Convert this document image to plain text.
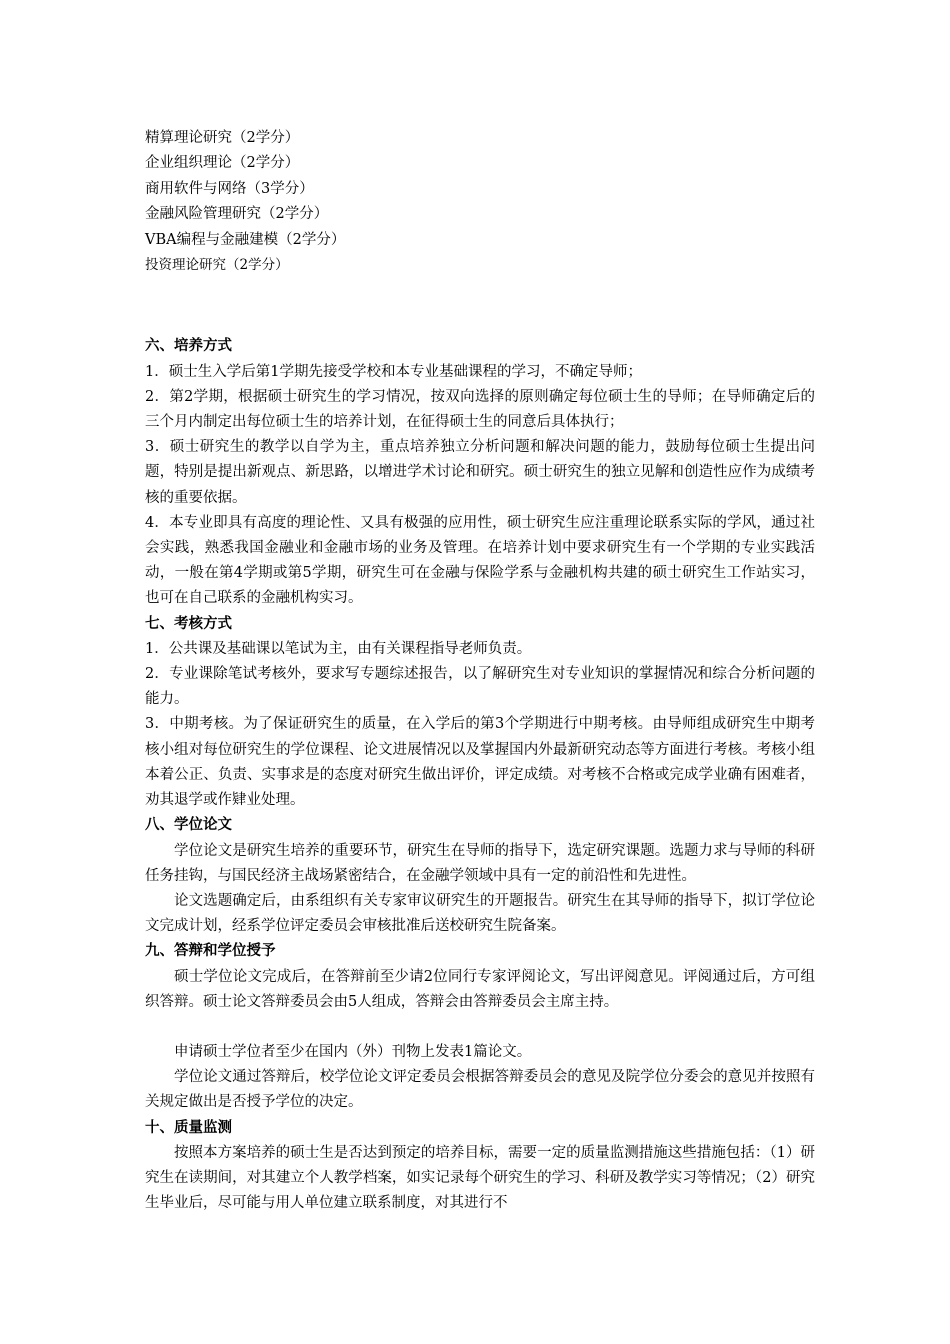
精算理论研究（2学分）
企业组织理论（2学分）
商用软件与网络（3学分）
金融风险管理研究（2学分）
VBA编程与金融建模（2学分）
投资理论研究（2学分）
六、培养方式

1．硕士生入学后第1学期先接受学校和本专业基础课程的学习，不确定导师；

2．第2学期，根据硕士研究生的学习情况，按双向选择的原则确定每位硕士生的导师；在导师确定后的三个月内制定出每位硕士生的培养计划，在征得硕士生的同意后具体执行；

3．硕士研究生的教学以自学为主，重点培养独立分析问题和解决问题的能力，鼓励每位硕士生提出问题，特别是提出新观点、新思路，以增进学术讨论和研究。硕士研究生的独立见解和创造性应作为成绩考核的重要依据。

4．本专业即具有高度的理论性、又具有极强的应用性，硕士研究生应注重理论联系实际的学风，通过社会实践，熟悉我国金融业和金融市场的业务及管理。在培养计划中要求研究生有一个学期的专业实践活动，一般在第4学期或第5学期，研究生可在金融与保险学系与金融机构共建的硕士研究生工作站实习，也可在自己联系的金融机构实习。

七、考核方式

1．公共课及基础课以笔试为主，由有关课程指导老师负责。

2．专业课除笔试考核外，要求写专题综述报告，以了解研究生对专业知识的掌握情况和综合分析问题的能力。

3．中期考核。为了保证研究生的质量，在入学后的第3个学期进行中期考核。由导师组成研究生中期考核小组对每位研究生的学位课程、论文进展情况以及掌握国内外最新研究动态等方面进行考核。考核小组本着公正、负责、实事求是的态度对研究生做出评价，评定成绩。对考核不合格或完成学业确有困难者，劝其退学或作肄业处理。

八、学位论文

学位论文是研究生培养的重要环节，研究生在导师的指导下，选定研究课题。选题力求与导师的科研任务挂钩，与国民经济主战场紧密结合，在金融学领域中具有一定的前沿性和先进性。

论文选题确定后，由系组织有关专家审议研究生的开题报告。研究生在其导师的指导下，拟订学位论文完成计划，经系学位评定委员会审核批准后送校研究生院备案。

九、答辩和学位授予

硕士学位论文完成后，在答辩前至少请2位同行专家评阅论文，写出评阅意见。评阅通过后，方可组织答辩。硕士论文答辩委员会由5人组成，答辩会由答辩委员会主席主持。

申请硕士学位者至少在国内（外）刊物上发表1篇论文。

学位论文通过答辩后，校学位论文评定委员会根据答辩委员会的意见及院学位分委会的意见并按照有关规定做出是否授予学位的决定。

十、质量监测

按照本方案培养的硕士生是否达到预定的培养目标，需要一定的质量监测措施这些措施包括：（1）研究生在读期间，对其建立个人教学档案，如实记录每个研究生的学习、科研及教学实习等情况；（2）研究生毕业后，尽可能与用人单位建立联系制度，对其进行不
